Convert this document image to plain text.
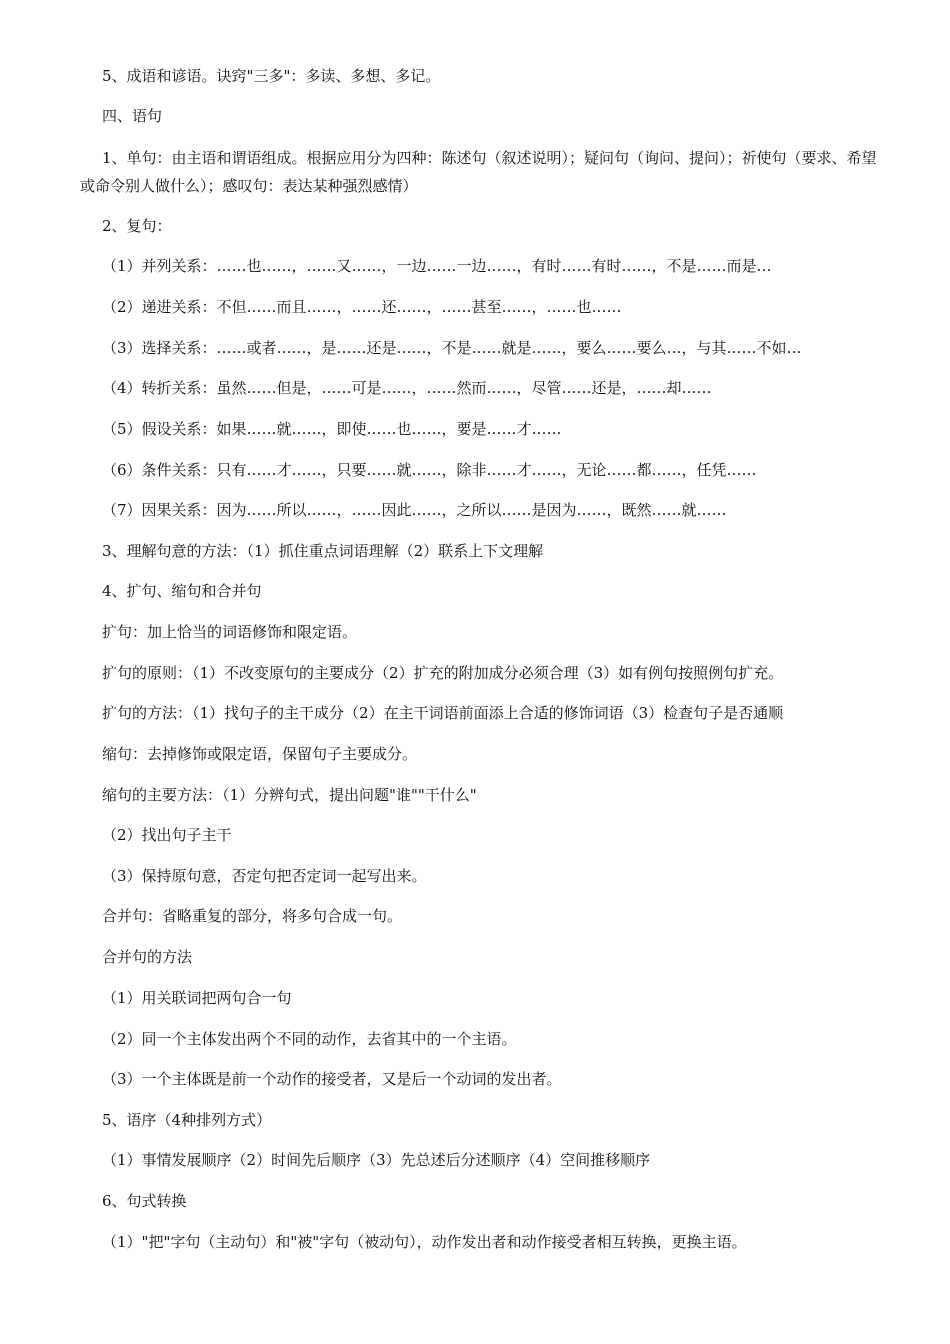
5、成语和谚语。诀窍"三多"：多读、多想、多记。
四、语句
1、单句：由主语和谓语组成。根据应用分为四种：陈述句（叙述说明）；疑问句（询问、提问）；祈使句（要求、希望或命令别人做什么）；感叹句：表达某种强烈感情）
2、复句：
（1）并列关系：……也……，……又……，一边……一边……，有时……有时……，不是……而是…
（2）递进关系：不但……而且……，……还……，……甚至……，……也……
（3）选择关系：……或者……，是……还是……，不是……就是……，要么……要么…，与其……不如…
（4）转折关系：虽然……但是，……可是……，……然而……，尽管……还是，……却……
（5）假设关系：如果……就……，即使……也……，要是……才……
（6）条件关系：只有……才……，只要……就……，除非……才……，无论……都……，任凭……
（7）因果关系：因为……所以……，……因此……，之所以……是因为……，既然……就……
3、理解句意的方法：（1）抓住重点词语理解（2）联系上下文理解
4、扩句、缩句和合并句
扩句：加上恰当的词语修饰和限定语。
扩句的原则：（1）不改变原句的主要成分（2）扩充的附加成分必须合理（3）如有例句按照例句扩充。
扩句的方法：（1）找句子的主干成分（2）在主干词语前面添上合适的修饰词语（3）检查句子是否通顺
缩句：去掉修饰或限定语，保留句子主要成分。
缩句的主要方法：（1）分辨句式，提出问题"谁""干什么"
（2）找出句子主干
（3）保持原句意，否定句把否定词一起写出来。
合并句：省略重复的部分，将多句合成一句。
合并句的方法
（1）用关联词把两句合一句
（2）同一个主体发出两个不同的动作，去省其中的一个主语。
（3）一个主体既是前一个动作的接受者，又是后一个动词的发出者。
5、语序（4种排列方式）
（1）事情发展顺序（2）时间先后顺序（3）先总述后分述顺序（4）空间推移顺序
6、句式转换
（1）"把"字句（主动句）和"被"字句（被动句），动作发出者和动作接受者相互转换，更换主语。
